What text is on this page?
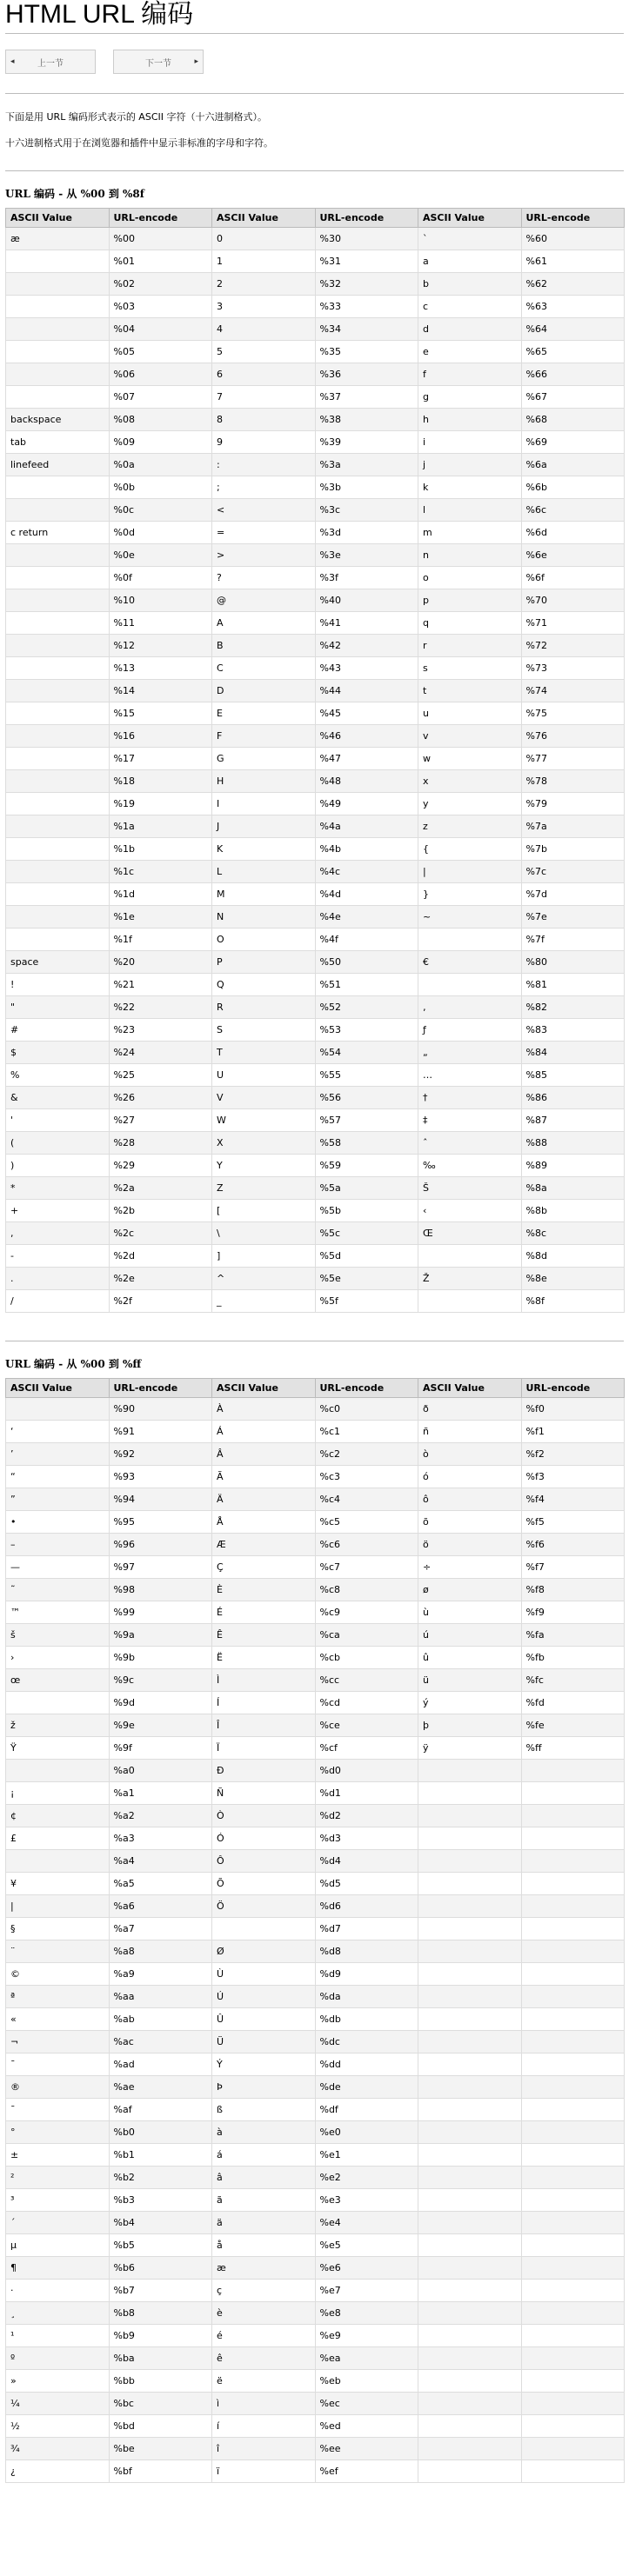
HTML URL 编码
◂	上一节	下一节	▸

下面是用 URL 编码形式表示的 ASCII 字符（十六进制格式）。

十六进制格式用于在浏览器和插件中显示非标准的字母和字符。

URL 编码 - 从 %00 到 %8f
ASCII Value	URL-encode	ASCII Value	URL-encode	ASCII Value	URL-encode
æ	%00	0	%30	`	%60
	%01	1	%31	a	%61
	%02	2	%32	b	%62
	%03	3	%33	c	%63
	%04	4	%34	d	%64
	%05	5	%35	e	%65
	%06	6	%36	f	%66
	%07	7	%37	g	%67
backspace	%08	8	%38	h	%68
tab	%09	9	%39	i	%69
linefeed	%0a	:	%3a	j	%6a
	%0b	;	%3b	k	%6b
	%0c	<	%3c	l	%6c
c return	%0d	=	%3d	m	%6d
	%0e	>	%3e	n	%6e
	%0f	?	%3f	o	%6f
	%10	@	%40	p	%70
	%11	A	%41	q	%71
	%12	B	%42	r	%72
	%13	C	%43	s	%73
	%14	D	%44	t	%74
	%15	E	%45	u	%75
	%16	F	%46	v	%76
	%17	G	%47	w	%77
	%18	H	%48	x	%78
	%19	I	%49	y	%79
	%1a	J	%4a	z	%7a
	%1b	K	%4b	{	%7b
	%1c	L	%4c	|	%7c
	%1d	M	%4d	}	%7d
	%1e	N	%4e	~	%7e
	%1f	O	%4f		%7f
space	%20	P	%50	€	%80
!	%21	Q	%51		%81
"	%22	R	%52	‚	%82
#	%23	S	%53	ƒ	%83
$	%24	T	%54	„	%84
%	%25	U	%55	…	%85
&	%26	V	%56	†	%86
'	%27	W	%57	‡	%87
(	%28	X	%58	ˆ	%88
)	%29	Y	%59	‰	%89
*	%2a	Z	%5a	Š	%8a
+	%2b	[	%5b	‹	%8b
,	%2c	\	%5c	Œ	%8c
-	%2d	]	%5d		%8d
.	%2e	^	%5e	Ž	%8e
/	%2f	_	%5f		%8f
URL 编码 - 从 %00 到 %ff
ASCII Value	URL-encode	ASCII Value	URL-encode	ASCII Value	URL-encode
	%90	À	%c0	ð	%f0
‘	%91	Á	%c1	ñ	%f1
’	%92	Â	%c2	ò	%f2
“	%93	Ã	%c3	ó	%f3
”	%94	Ä	%c4	ô	%f4
•	%95	Å	%c5	õ	%f5
–	%96	Æ	%c6	ö	%f6
—	%97	Ç	%c7	÷	%f7
˜	%98	È	%c8	ø	%f8
™	%99	É	%c9	ù	%f9
š	%9a	Ê	%ca	ú	%fa
›	%9b	Ë	%cb	û	%fb
œ	%9c	Ì	%cc	ü	%fc
	%9d	Í	%cd	ý	%fd
ž	%9e	Î	%ce	þ	%fe
Ÿ	%9f	Ï	%cf	ÿ	%ff
	%a0	Ð	%d0		
¡	%a1	Ñ	%d1		
¢	%a2	Ò	%d2		
£	%a3	Ó	%d3		
	%a4	Ô	%d4		
¥	%a5	Õ	%d5		
|	%a6	Ö	%d6		
§	%a7		%d7		
¨	%a8	Ø	%d8		
©	%a9	Ù	%d9		
ª	%aa	Ú	%da		
«	%ab	Û	%db		
¬	%ac	Ü	%dc		
¯	%ad	Ý	%dd		
®	%ae	Þ	%de		
¯	%af	ß	%df		
°	%b0	à	%e0		
±	%b1	á	%e1		
²	%b2	â	%e2		
³	%b3	ã	%e3		
´	%b4	ä	%e4		
µ	%b5	å	%e5		
¶	%b6	æ	%e6		
·	%b7	ç	%e7		
¸	%b8	è	%e8		
¹	%b9	é	%e9		
º	%ba	ê	%ea		
»	%bb	ë	%eb		
¼	%bc	ì	%ec		
½	%bd	í	%ed		
¾	%be	î	%ee		
¿	%bf	ï	%ef		
